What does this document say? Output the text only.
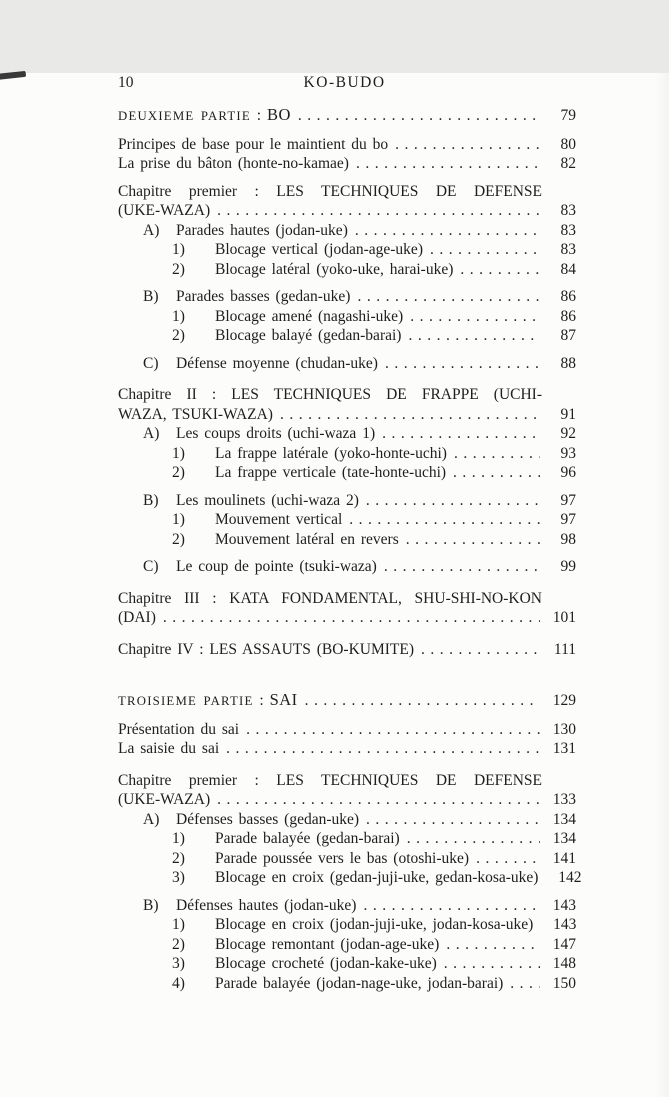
10	KO-BUDO
DEUXIEME PARTIE : BO .....	79
Principes de base pour le maintient du bo .....	80
La prise du bâton (honte-no-kamae) .....	82
Chapitre premier : LES TECHNIQUES DE DEFENSE
(UKE-WAZA) .....	83
A)	Parades hautes (jodan-uke) .....	83
1)	Blocage vertical (jodan-age-uke) .....	83
2)	Blocage latéral (yoko-uke, harai-uke) .....	84
B)	Parades basses (gedan-uke) .....	86
1)	Blocage amené (nagashi-uke) .....	86
2)	Blocage balayé (gedan-barai) .....	87
C)	Défense moyenne (chudan-uke) .....	88
Chapitre II : LES TECHNIQUES DE FRAPPE (UCHI-
WAZA, TSUKI-WAZA) .....	91
A)	Les coups droits (uchi-waza 1) .....	92
1)	La frappe latérale (yoko-honte-uchi) .....	93
2)	La frappe verticale (tate-honte-uchi) .....	96
B)	Les moulinets (uchi-waza 2) .....	97
1)	Mouvement vertical .....	97
2)	Mouvement latéral en revers .....	98
C)	Le coup de pointe (tsuki-waza) .....	99
Chapitre III : KATA FONDAMENTAL, SHU-SHI-NO-KON
(DAI) .....	101
Chapitre IV : LES ASSAUTS (BO-KUMITE) .....	111
TROISIEME PARTIE : SAI .....	129
Présentation du sai .....	130
La saisie du sai .....	131
Chapitre premier : LES TECHNIQUES DE DEFENSE
(UKE-WAZA) .....	133
A)	Défenses basses (gedan-uke) .....	134
1)	Parade balayée (gedan-barai) .....	134
2)	Parade poussée vers le bas (otoshi-uke) .....	141
3)	Blocage en croix (gedan-juji-uke, gedan-kosa-uke)	142
B)	Défenses hautes (jodan-uke) .....	143
1)	Blocage en croix (jodan-juji-uke, jodan-kosa-uke)	143
2)	Blocage remontant (jodan-age-uke) .....	147
3)	Blocage crocheté (jodan-kake-uke) .....	148
4)	Parade balayée (jodan-nage-uke, jodan-barai) .....	150
